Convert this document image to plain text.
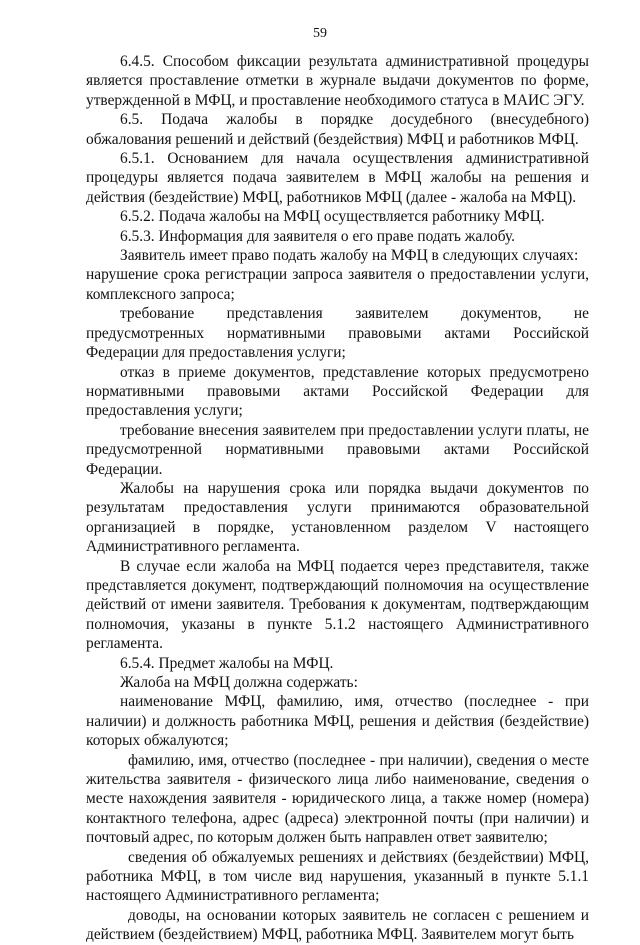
59

6.4.5. Способом фиксации результата административной процедуры является проставление отметки в журнале выдачи документов по форме, утвержденной в МФЦ, и проставление необходимого статуса в МАИС ЭГУ.

6.5. Подача жалобы в порядке досудебного (внесудебного) обжалования решений и действий (бездействия) МФЦ и работников МФЦ.

6.5.1. Основанием для начала осуществления административной процедуры является подача заявителем в МФЦ жалобы на решения и действия (бездействие) МФЦ, работников МФЦ (далее - жалоба на МФЦ).

6.5.2. Подача жалобы на МФЦ осуществляется работнику МФЦ.

6.5.3. Информация для заявителя о его праве подать жалобу.

Заявитель имеет право подать жалобу на МФЦ в следующих случаях:

нарушение срока регистрации запроса заявителя о предоставлении услуги, комплексного запроса;

требование представления заявителем документов, не предусмотренных нормативными правовыми актами Российской Федерации для предоставления услуги;

отказ в приеме документов, представление которых предусмотрено нормативными правовыми актами Российской Федерации для предоставления услуги;

требование внесения заявителем при предоставлении услуги платы, не предусмотренной нормативными правовыми актами Российской Федерации.

Жалобы на нарушения срока или порядка выдачи документов по результатам предоставления услуги принимаются образовательной организацией в порядке, установленном разделом V настоящего Административного регламента.

В случае если жалоба на МФЦ подается через представителя, также представляется документ, подтверждающий полномочия на осуществление действий от имени заявителя. Требования к документам, подтверждающим полномочия, указаны в пункте 5.1.2 настоящего Административного регламента.

6.5.4. Предмет жалобы на МФЦ.

Жалоба на МФЦ должна содержать:

наименование МФЦ, фамилию, имя, отчество (последнее - при наличии) и должность работника МФЦ, решения и действия (бездействие) которых обжалуются;

фамилию, имя, отчество (последнее - при наличии), сведения о месте жительства заявителя - физического лица либо наименование, сведения о месте нахождения заявителя - юридического лица, а также номер (номера) контактного телефона, адрес (адреса) электронной почты (при наличии) и почтовый адрес, по которым должен быть направлен ответ заявителю;

сведения об обжалуемых решениях и действиях (бездействии) МФЦ, работника МФЦ, в том числе вид нарушения, указанный в пункте 5.1.1 настоящего Административного регламента;

доводы, на основании которых заявитель не согласен с решением и действием (бездействием) МФЦ, работника МФЦ. Заявителем могут быть
